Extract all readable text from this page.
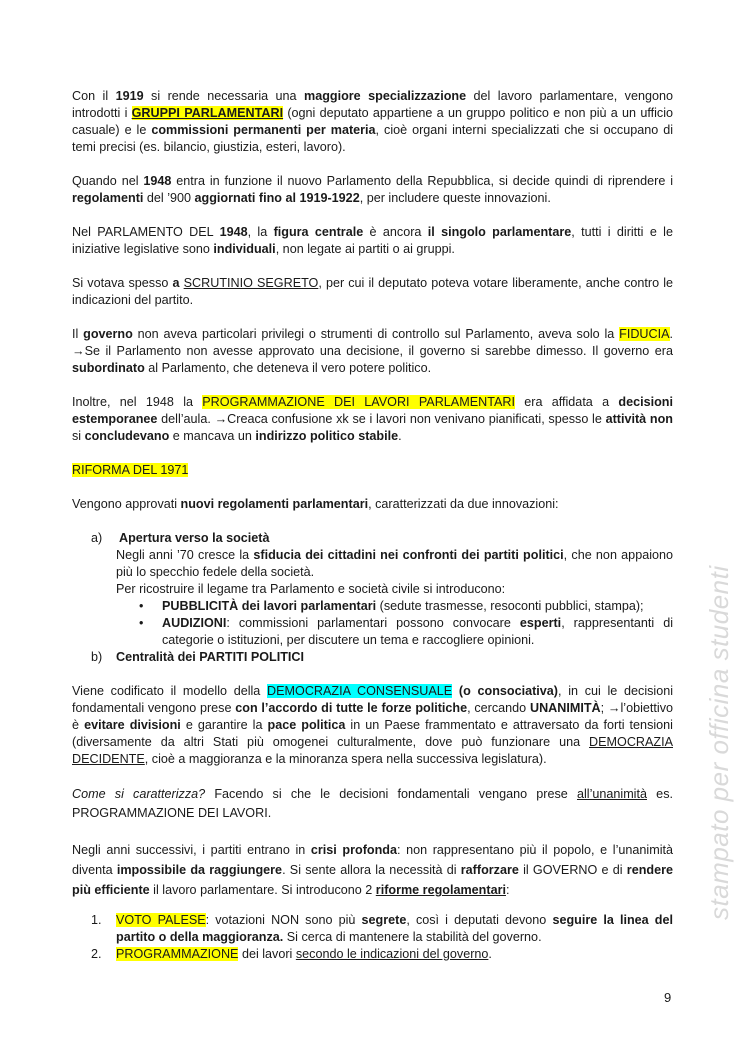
Con il 1919 si rende necessaria una maggiore specializzazione del lavoro parlamentare, vengono introdotti i GRUPPI PARLAMENTARI (ogni deputato appartiene a un gruppo politico e non più a un ufficio casuale) e le commissioni permanenti per materia, cioè organi interni specializzati che si occupano di temi precisi (es. bilancio, giustizia, esteri, lavoro).
Quando nel 1948 entra in funzione il nuovo Parlamento della Repubblica, si decide quindi di riprendere i regolamenti del ’900 aggiornati fino al 1919-1922, per includere queste innovazioni.
Nel PARLAMENTO DEL 1948, la figura centrale è ancora il singolo parlamentare, tutti i diritti e le iniziative legislative sono individuali, non legate ai partiti o ai gruppi.
Si votava spesso a SCRUTINIO SEGRETO, per cui il deputato poteva votare liberamente, anche contro le indicazioni del partito.
Il governo non aveva particolari privilegi o strumenti di controllo sul Parlamento, aveva solo la FIDUCIA. →Se il Parlamento non avesse approvato una decisione, il governo si sarebbe dimesso. Il governo era subordinato al Parlamento, che deteneva il vero potere politico.
Inoltre, nel 1948 la PROGRAMMAZIONE DEI LAVORI PARLAMENTARI era affidata a decisioni estemporanee dell’aula. →Creaca confusione xk se i lavori non venivano pianificati, spesso le attività non si concludevano e mancava un indirizzo politico stabile.
RIFORMA DEL 1971
Vengono approvati nuovi regolamenti parlamentari, caratterizzati da due innovazioni:
a) Apertura verso la società
Negli anni ’70 cresce la sfiducia dei cittadini nei confronti dei partiti politici, che non appaiono più lo specchio fedele della società.
Per ricostruire il legame tra Parlamento e società civile si introducono:
• PUBBLICITÀ dei lavori parlamentari (sedute trasmesse, resoconti pubblici, stampa);
• AUDIZIONI: commissioni parlamentari possono convocare esperti, rappresentanti di categorie o istituzioni, per discutere un tema e raccogliere opinioni.
b) Centralità dei PARTITI POLITICI
Viene codificato il modello della DEMOCRAZIA CONSENSUALE (o consociativa), in cui le decisioni fondamentali vengono prese con l’accordo di tutte le forze politiche, cercando UNANIMITÀ; →l’obiettivo è evitare divisioni e garantire la pace politica in un Paese frammentato e attraversato da forti tensioni (diversamente da altri Stati più omogenei culturalmente, dove può funzionare una DEMOCRAZIA DECIDENTE, cioè a maggioranza e la minoranza spera nella successiva legislatura).
Come si caratterizza? Facendo si che le decisioni fondamentali vengano prese all’unanimità es. PROGRAMMAZIONE DEI LAVORI.
Negli anni successivi, i partiti entrano in crisi profonda: non rappresentano più il popolo, e l’unanimità diventa impossibile da raggiungere. Si sente allora la necessità di rafforzare il GOVERNO e di rendere più efficiente il lavoro parlamentare. Si introducono 2 riforme regolamentari:
1. VOTO PALESE: votazioni NON sono più segrete, così i deputati devono seguire la linea del partito o della maggioranza. Si cerca di mantenere la stabilità del governo.
2. PROGRAMMAZIONE dei lavori secondo le indicazioni del governo.
stampato per officina studenti
9
